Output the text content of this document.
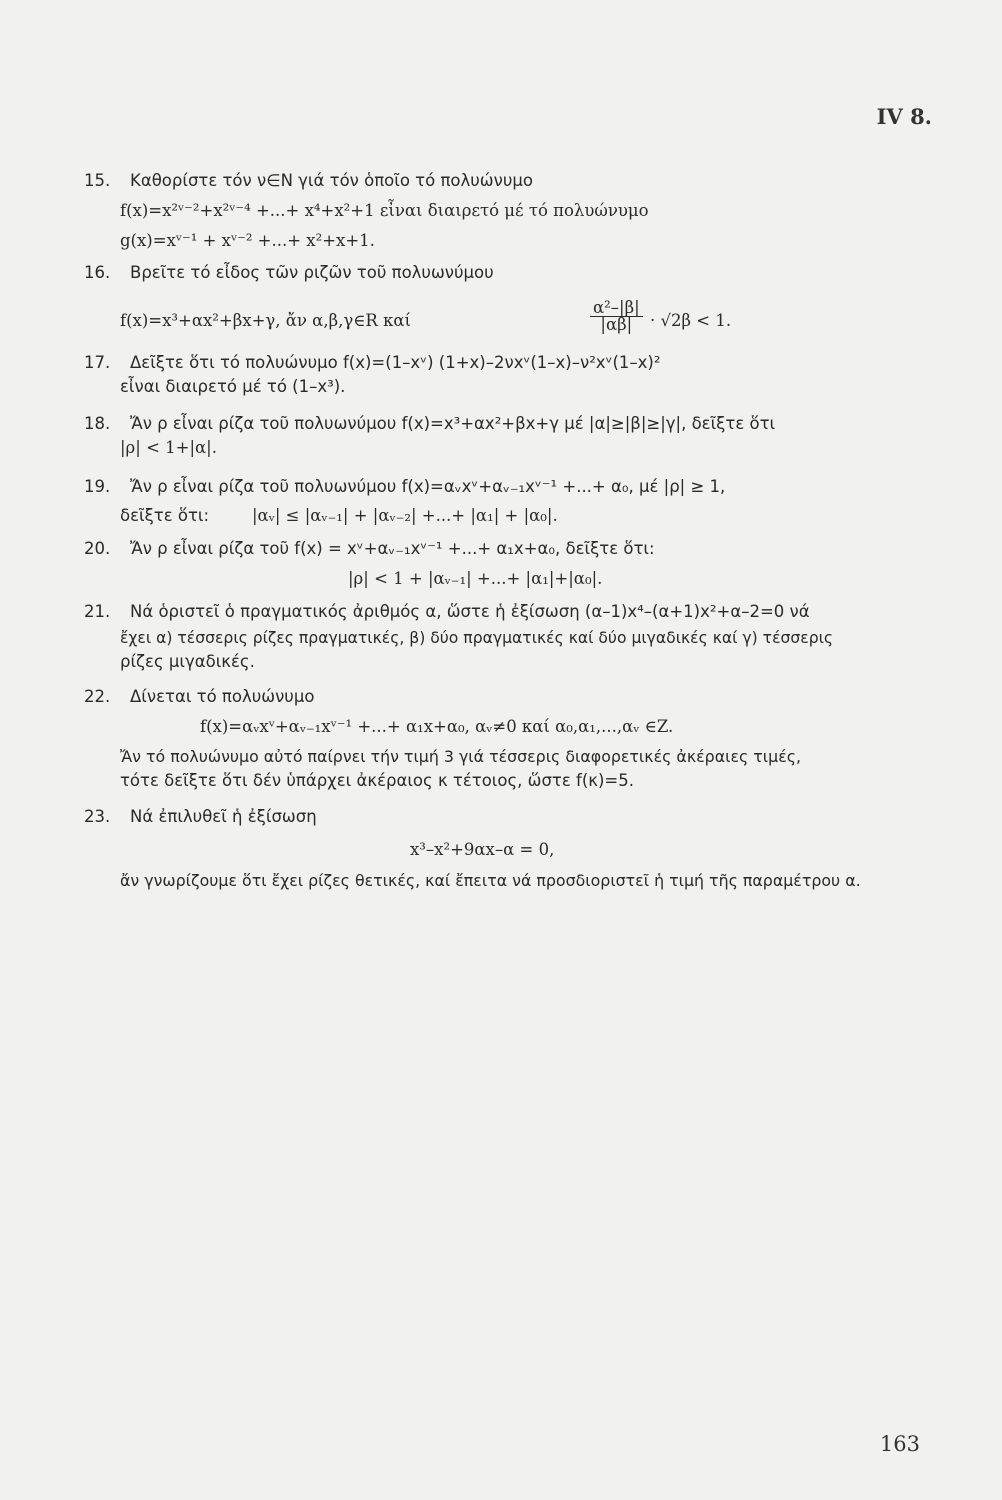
IV 8.
15. Καθορίστε τόν ν∈N γιά τόν ὁποῖο τό πολυώνυμο
f(x)=x²ᵛ⁻²+x²ᵛ⁻⁴ +...+ x⁴+x²+1 εἶναι διαιρετό μέ τό πολυώνυμο
g(x)=xᵛ⁻¹ + xᵛ⁻² +...+ x²+x+1.
16. Βρεῖτε τό εἶδος τῶν ριζῶν τοῦ πολυωνύμου
f(x)=x³+αx²+βx+γ, ἄν α,β,γ∈R καί	$\frac{\text{α²–|β|}}{|\alpha\beta|} \cdot √2\beta < 1$.
17. Δεῖξτε ὅτι τό πολυώνυμο f(x)=(1–xᵛ) (1+x)–2νxᵛ(1–x)–ν²xᵛ(1–x)²
εἶναι διαιρετό μέ τό (1–x³).
18. Ἄν ρ εἶναι ρίζα τοῦ πολυωνύμου f(x)=x³+αx²+βx+γ μέ |α|≥|β|≥|γ|, δεῖξτε ὅτι
|ρ| < 1+|α|.
19. Ἄν ρ εἶναι ρίζα τοῦ πολυωνύμου f(x)=αᵥxᵛ+αᵥ₋₁xᵛ⁻¹ +...+ α₀, μέ |ρ| ≥ 1,
δεῖξτε ὅτι:	|αᵥ| ≤ |αᵥ₋₁| + |αᵥ₋₂| +...+ |α₁| + |α₀|.
20. Ἄν ρ εἶναι ρίζα τοῦ f(x) = xᵛ+αᵥ₋₁xᵛ⁻¹ +...+ α₁x+α₀, δεῖξτε ὅτι:
|ρ| < 1 + |αᵥ₋₁| +...+ |α₁|+|α₀|.
21. Νά ὁριστεῖ ὁ πραγματικός ἀριθμός α, ὥστε ἡ ἐξίσωση (α–1)x⁴–(α+1)x²+α–2=0 νά
ἔχει α) τέσσερις ρίζες πραγματικές, β) δύο πραγματικές καί δύο μιγαδικές καί γ) τέσσερις
ρίζες μιγαδικές.
22. Δίνεται τό πολυώνυμο
f(x)=αᵥxᵛ+αᵥ₋₁xᵛ⁻¹ +...+ α₁x+α₀, αᵥ≠0 καί α₀,α₁,...,αᵥ ∈Z.
Ἄν τό πολυώνυμο αὐτό παίρνει τήν τιμή 3 γιά τέσσερις διαφορετικές ἀκέραιες τιμές,
τότε δεῖξτε ὅτι δέν ὑπάρχει ἀκέραιος κ τέτοιος, ὥστε f(κ)=5.
23. Νά ἐπιλυθεῖ ἡ ἐξίσωση
x³–x²+9αx–α = 0,
ἄν γνωρίζουμε ὅτι ἔχει ρίζες θετικές, καί ἔπειτα νά προσδιοριστεῖ ἡ τιμή τῆς παραμέτρου α.
163
